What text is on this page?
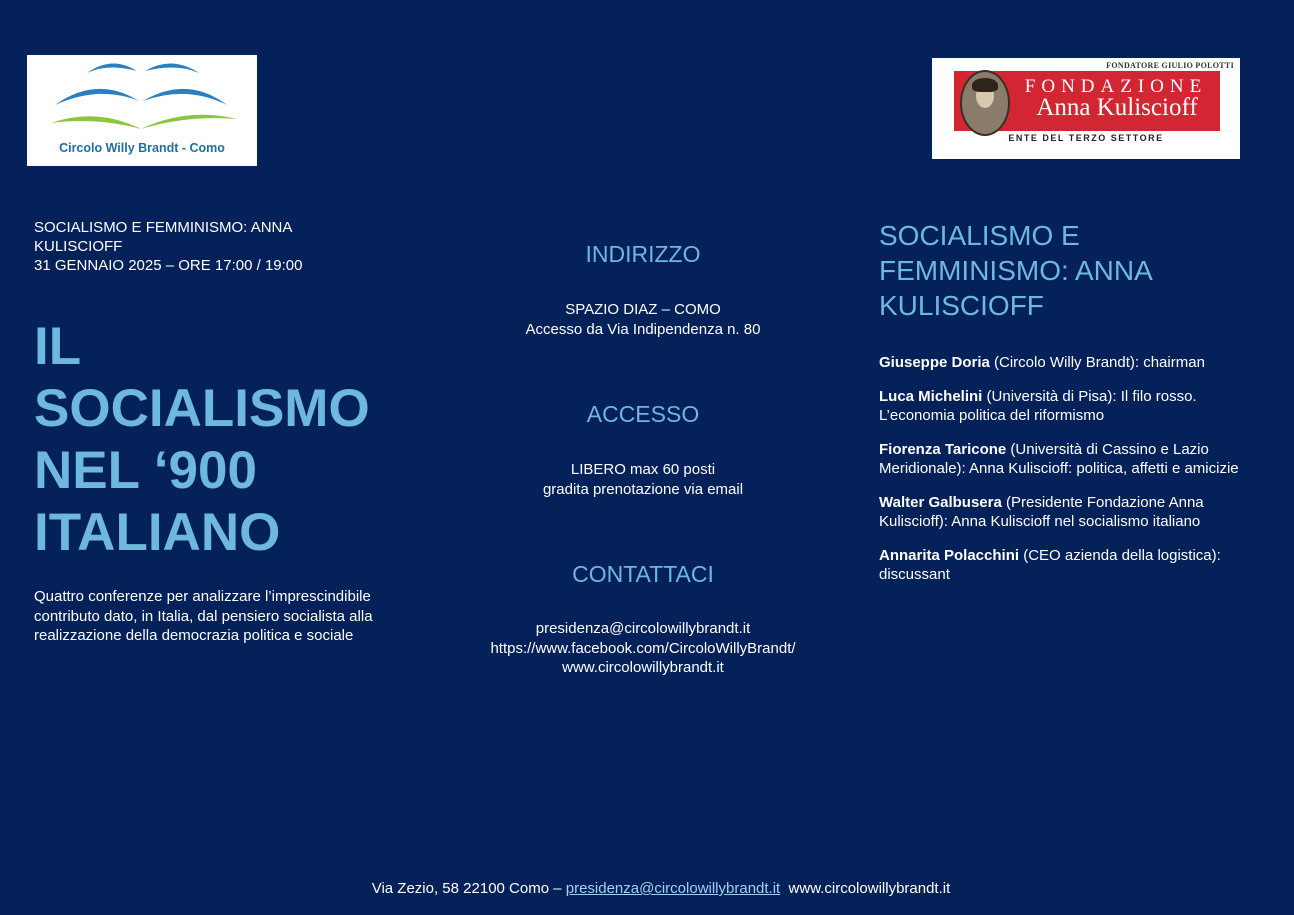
Circolo Willy Brandt - Como
FONDATORE GIULIO POLOTTI
FONDAZIONE
Anna Kuliscioff
ENTE DEL TERZO SETTORE
SOCIALISMO E FEMMINISMO: ANNA KULISCIOFF
31 GENNAIO 2025 – ORE 17:00 / 19:00
IL
SOCIALISMO
NEL ‘900
ITALIANO
Quattro conferenze per analizzare l’imprescindibile contributo dato, in Italia, dal pensiero socialista alla realizzazione della democrazia politica e sociale
INDIRIZZO
SPAZIO DIAZ – COMO
Accesso da Via Indipendenza n. 80
ACCESSO
LIBERO max 60 posti
gradita prenotazione via email
CONTATTACI
presidenza@circolowillybrandt.it
https://www.facebook.com/CircoloWillyBrandt/
www.circolowillybrandt.it
SOCIALISMO E FEMMINISMO: ANNA KULISCIOFF
Giuseppe Doria (Circolo Willy Brandt): chairman
Luca Michelini (Università di Pisa): Il filo rosso. L’economia politica del riformismo
Fiorenza Taricone (Università di Cassino e Lazio Meridionale): Anna Kuliscioff: politica, affetti e amicizie
Walter Galbusera (Presidente Fondazione Anna Kuliscioff): Anna Kuliscioff nel socialismo italiano
Annarita Polacchini (CEO azienda della logistica): discussant
Via Zezio, 58 22100 Como – presidenza@circolowillybrandt.it  www.circolowillybrandt.it
